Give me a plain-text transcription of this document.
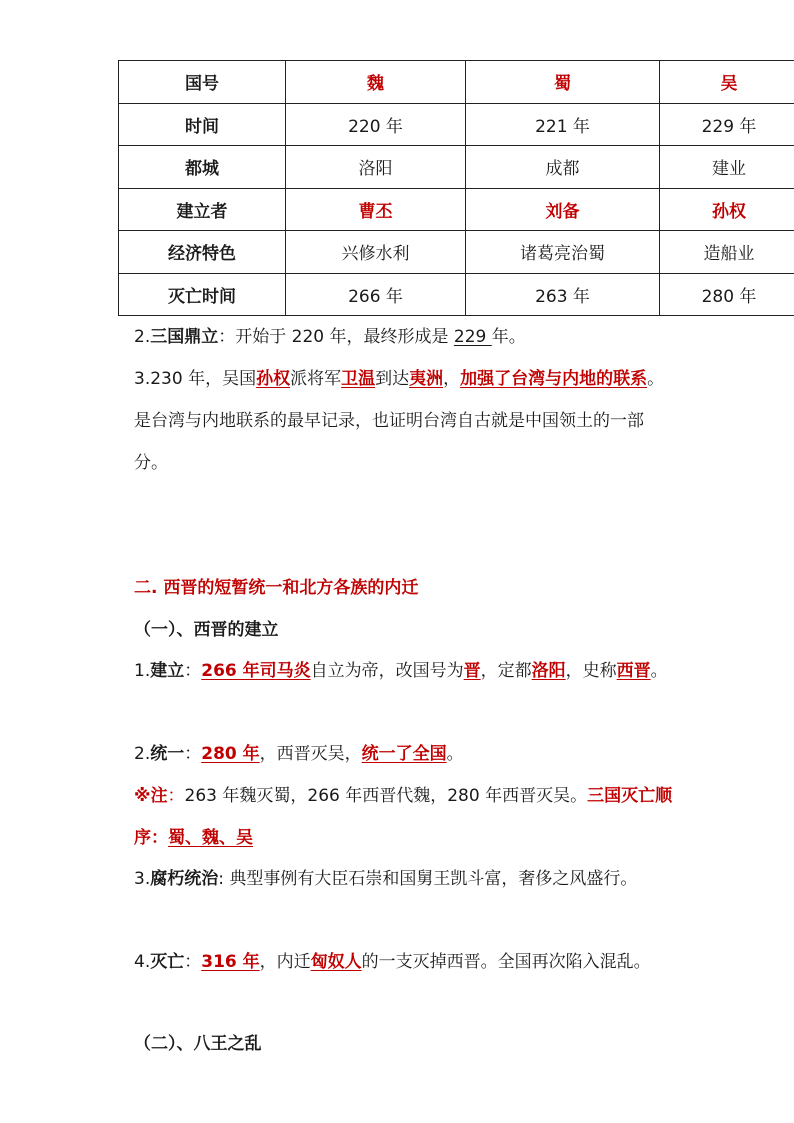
国号	魏	蜀	吴
时间	220 年	221 年	229 年
都城	洛阳	成都	建业
建立者	曹丕	刘备	孙权
经济特色	兴修水利	诸葛亮治蜀	造船业
灭亡时间	266 年	263 年	280 年

2.三国鼎立：开始于 220 年，最终形成是 229 年。

3.230 年，吴国孙权派将军卫温到达夷洲，加强了台湾与内地的联系。是台湾与内地联系的最早记录，也证明台湾自古就是中国领土的一部分。

二. 西晋的短暂统一和北方各族的内迁
（一）、西晋的建立

1.建立：266 年司马炎自立为帝，改国号为晋，定都洛阳，史称西晋。

2.统一：280 年，西晋灭吴，统一了全国。

※注：263 年魏灭蜀，266 年西晋代魏，280 年西晋灭吴。三国灭亡顺序：蜀、魏、吴

3.腐朽统治: 典型事例有大臣石崇和国舅王凯斗富，奢侈之风盛行。

4.灭亡：316 年，内迁匈奴人的一支灭掉西晋。全国再次陷入混乱。

（二）、八王之乱
